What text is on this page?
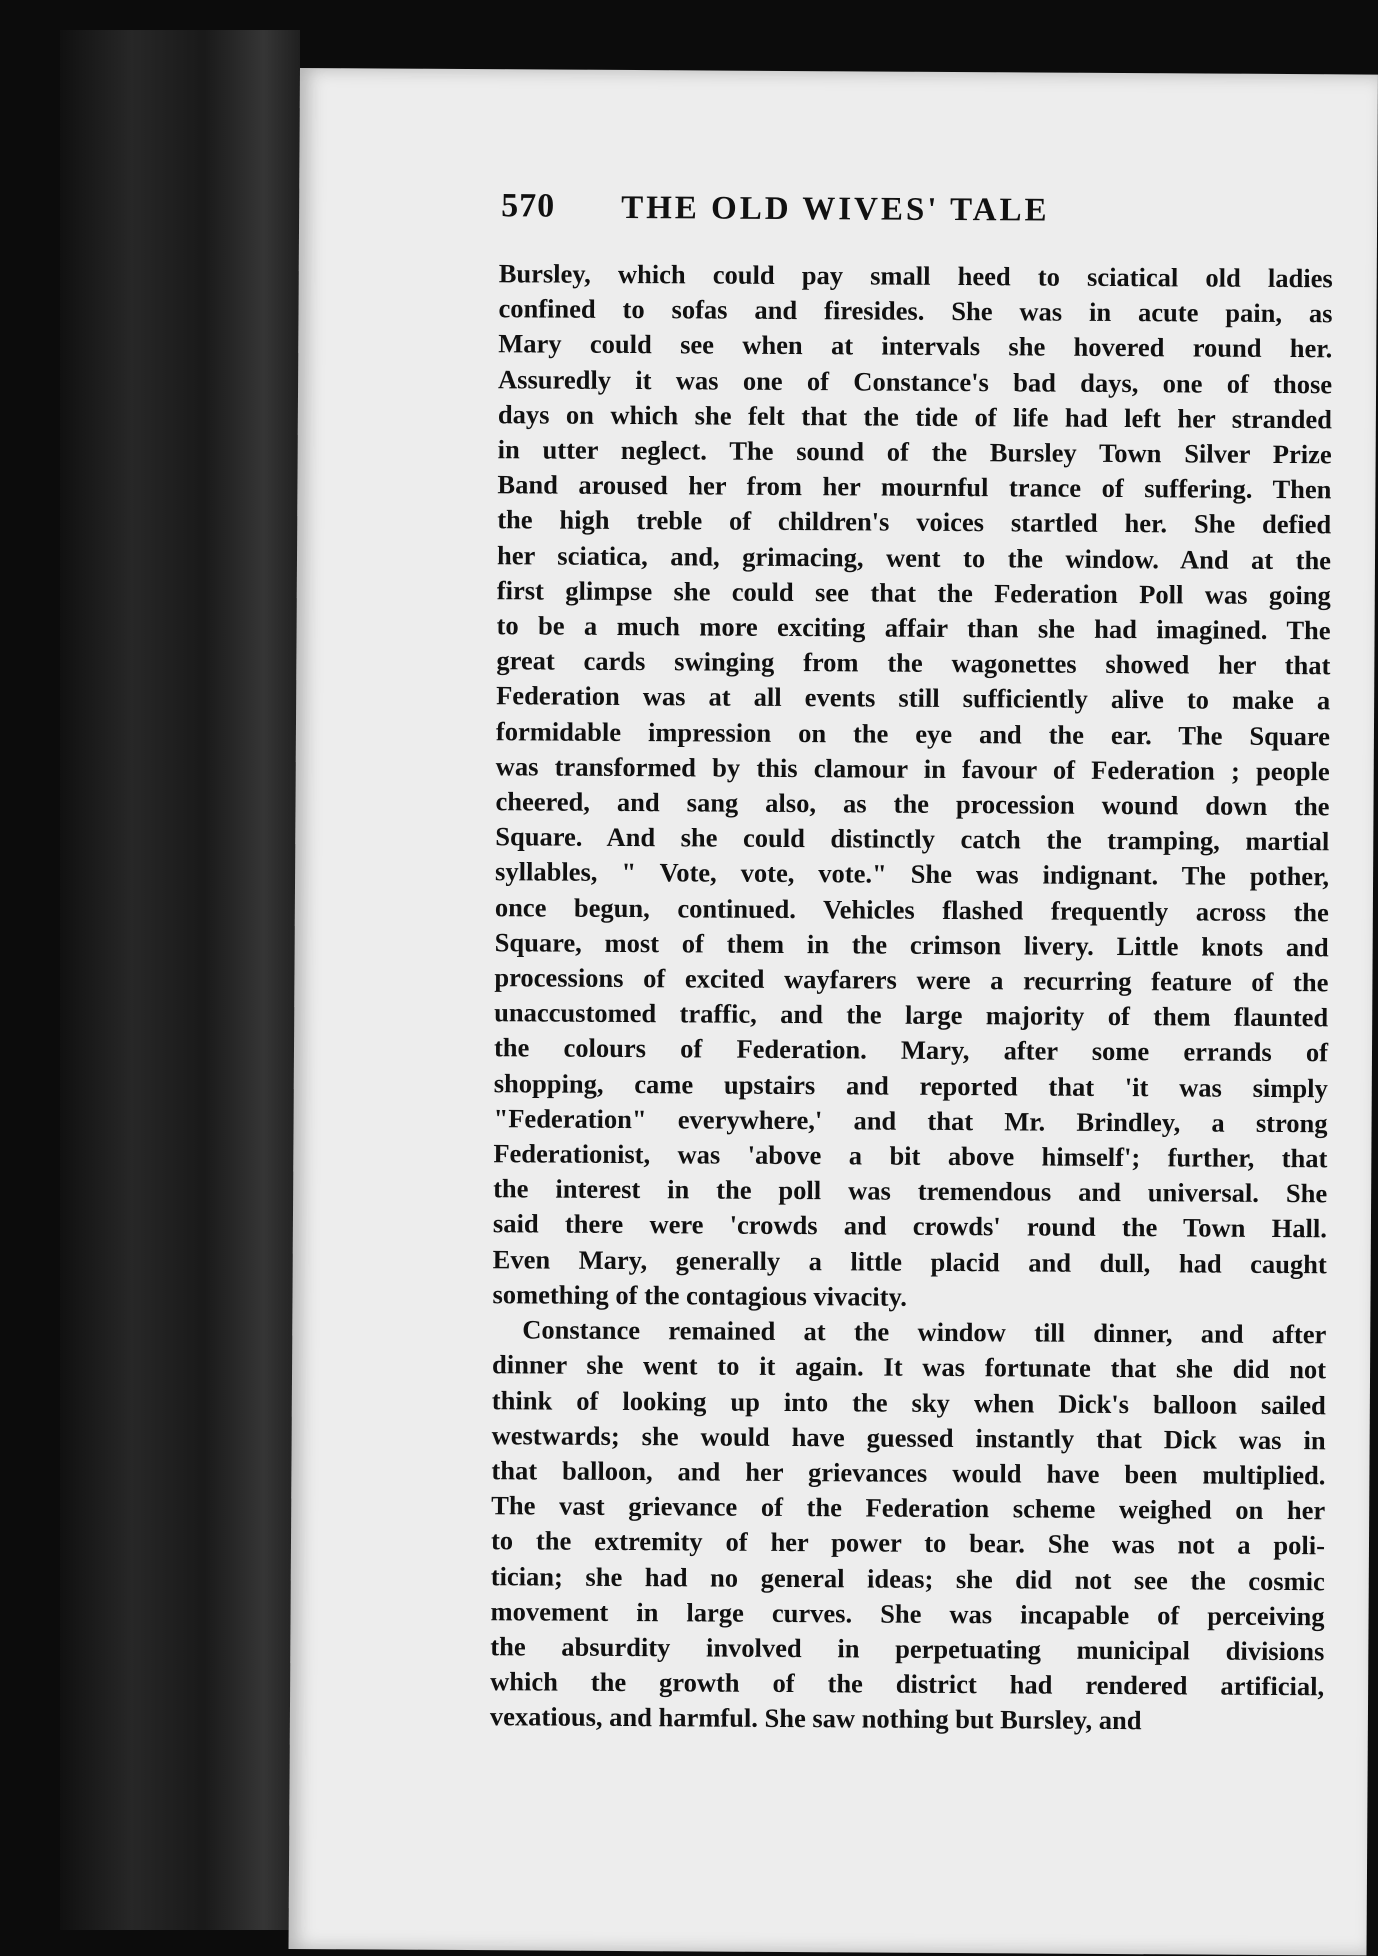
570 THE OLD WIVES' TALE

Bursley, which could pay small heed to sciatical old ladies

confined to sofas and firesides. She was in acute pain, as

Mary could see when at intervals she hovered round her.

Assuredly it was one of Constance's bad days, one of those

days on which she felt that the tide of life had left her stranded

in utter neglect. The sound of the Bursley Town Silver Prize

Band aroused her from her mournful trance of suffering. Then

the high treble of children's voices startled her. She defied

her sciatica, and, grimacing, went to the window. And at the

first glimpse she could see that the Federation Poll was going

to be a much more exciting affair than she had imagined. The

great cards swinging from the wagonettes showed her that

Federation was at all events still sufficiently alive to make a

formidable impression on the eye and the ear. The Square

was transformed by this clamour in favour of Federation ; people

cheered, and sang also, as the procession wound down the

Square. And she could distinctly catch the tramping, martial

syllables, " Vote, vote, vote." She was indignant. The pother,

once begun, continued. Vehicles flashed frequently across the

Square, most of them in the crimson livery. Little knots and

processions of excited wayfarers were a recurring feature of the

unaccustomed traffic, and the large majority of them flaunted

the colours of Federation. Mary, after some errands of

shopping, came upstairs and reported that 'it was simply

"Federation" everywhere,' and that Mr. Brindley, a strong

Federationist, was 'above a bit above himself'; further, that

the interest in the poll was tremendous and universal. She

said there were 'crowds and crowds' round the Town Hall.

Even Mary, generally a little placid and dull, had caught

something of the contagious vivacity.

Constance remained at the window till dinner, and after

dinner she went to it again. It was fortunate that she did not

think of looking up into the sky when Dick's balloon sailed

westwards; she would have guessed instantly that Dick was in

that balloon, and her grievances would have been multiplied.

The vast grievance of the Federation scheme weighed on her

to the extremity of her power to bear. She was not a poli-

tician; she had no general ideas; she did not see the cosmic

movement in large curves. She was incapable of perceiving

the absurdity involved in perpetuating municipal divisions

which the growth of the district had rendered artificial,

vexatious, and harmful. She saw nothing but Bursley, and
